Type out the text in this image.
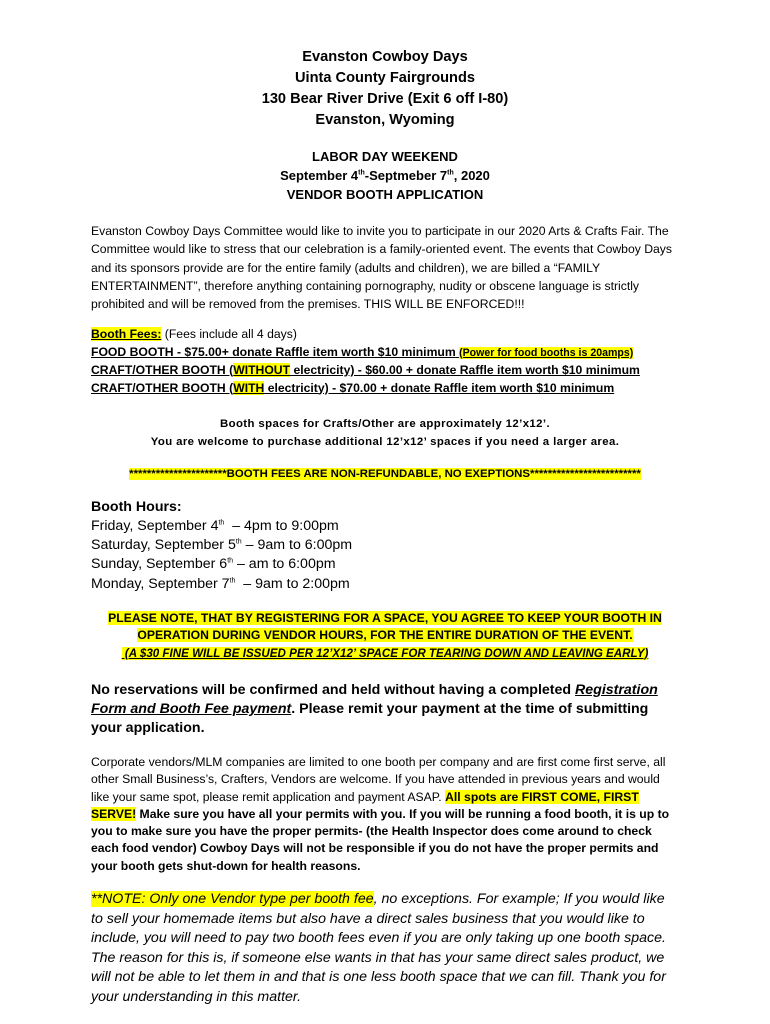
Evanston Cowboy Days
Uinta County Fairgrounds
130 Bear River Drive (Exit 6 off I-80)
Evanston, Wyoming
LABOR DAY WEEKEND
September 4th-Septmeber 7th, 2020
VENDOR BOOTH APPLICATION
Evanston Cowboy Days Committee would like to invite you to participate in our 2020 Arts & Crafts Fair. The Committee would like to stress that our celebration is a family-oriented event. The events that Cowboy Days and its sponsors provide are for the entire family (adults and children), we are billed a “FAMILY ENTERTAINMENT”, therefore anything containing pornography, nudity or obscene language is strictly prohibited and will be removed from the premises. THIS WILL BE ENFORCED!!!
Booth Fees: (Fees include all 4 days)
FOOD BOOTH - $75.00+ donate Raffle item worth $10 minimum (Power for food booths is 20amps)
CRAFT/OTHER BOOTH (WITHOUT electricity) - $60.00 + donate Raffle item worth $10 minimum
CRAFT/OTHER BOOTH (WITH electricity) - $70.00 + donate Raffle item worth $10 minimum
Booth spaces for Crafts/Other are approximately 12’x12’.
You are welcome to purchase additional 12’x12’ spaces if you need a larger area.
**********************BOOTH FEES ARE NON-REFUNDABLE, NO EXEPTIONS*************************
Booth Hours:
Friday, September 4th  – 4pm to 9:00pm
Saturday, September 5th – 9am to 6:00pm
Sunday, September 6th – am to 6:00pm
Monday, September 7th  – 9am to 2:00pm
PLEASE NOTE, THAT BY REGISTERING FOR A SPACE, YOU AGREE TO KEEP YOUR BOOTH IN
OPERATION DURING VENDOR HOURS, FOR THE ENTIRE DURATION OF THE EVENT.
(A $30 FINE WILL BE ISSUED PER 12’X12’ SPACE FOR TEARING DOWN AND LEAVING EARLY)
No reservations will be confirmed and held without having a completed Registration Form and Booth Fee payment. Please remit your payment at the time of submitting your application.
Corporate vendors/MLM companies are limited to one booth per company and are first come first serve, all other Small Business’s, Crafters, Vendors are welcome. If you have attended in previous years and would like your same spot, please remit application and payment ASAP. All spots are FIRST COME, FIRST SERVE! Make sure you have all your permits with you. If you will be running a food booth, it is up to you to make sure you have the proper permits- (the Health Inspector does come around to check each food vendor) Cowboy Days will not be responsible if you do not have the proper permits and your booth gets shut-down for health reasons.
**NOTE: Only one Vendor type per booth fee, no exceptions. For example; If you would like to sell your homemade items but also have a direct sales business that you would like to include, you will need to pay two booth fees even if you are only taking up one booth space. The reason for this is, if someone else wants in that has your same direct sales product, we will not be able to let them in and that is one less booth space that we can fill. Thank you for your understanding in this matter.
